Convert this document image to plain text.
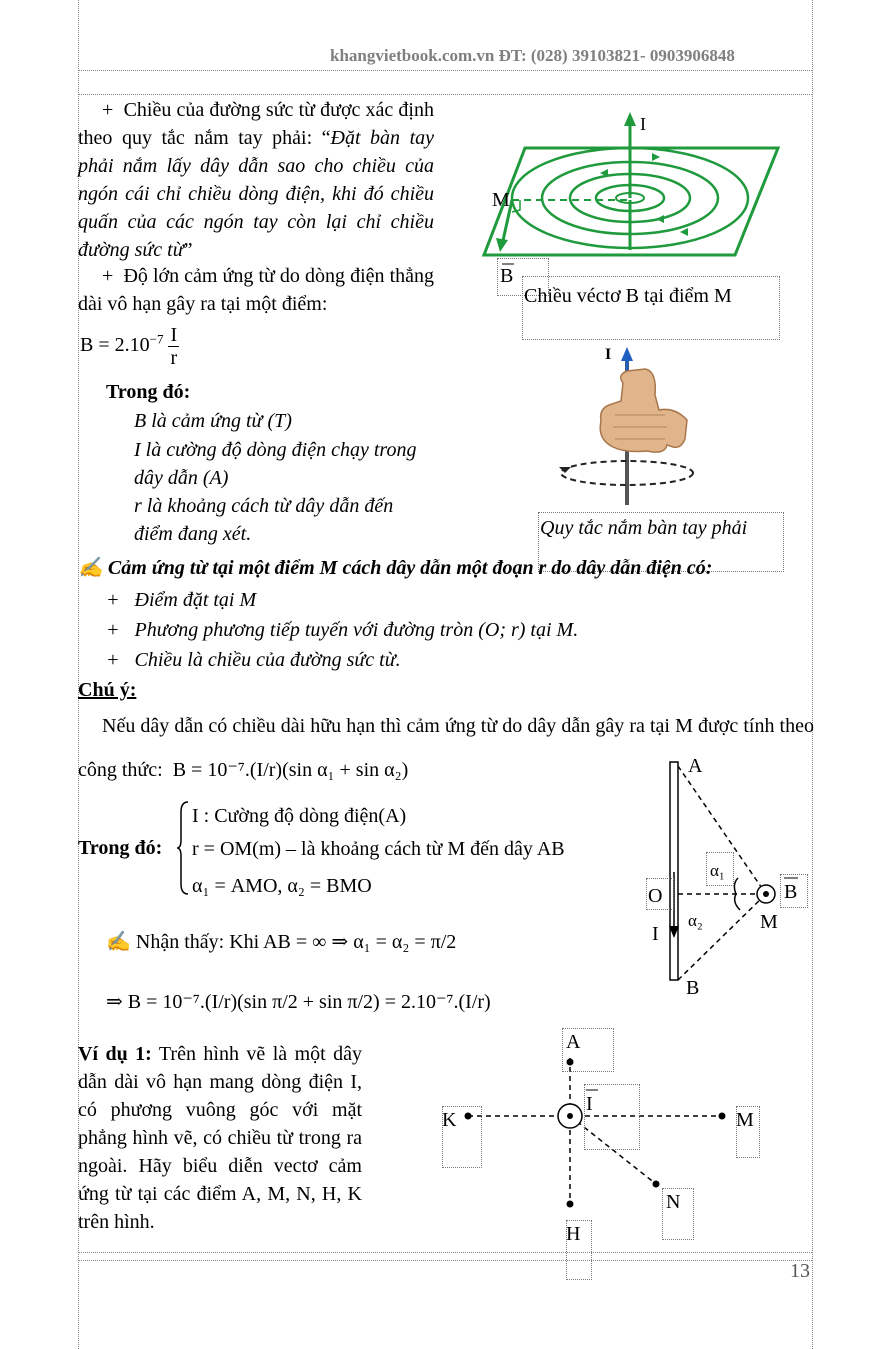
khangvietbook.com.vn ĐT: (028) 39103821- 0903906848
+  Chiều của đường sức từ được xác định theo quy tắc nắm tay phải: “Đặt bàn tay phải nắm lấy dây dẫn sao cho chiều của ngón cái chỉ chiều dòng điện, khi đó chiều quấn của các ngón tay còn lại chỉ chiều đường sức từ”
+  Độ lớn cảm ứng từ do dòng điện thẳng dài vô hạn gây ra tại một điểm:
$B = 2.10^{-7} \frac{I}{r}$
Trong đó:
B là cảm ứng từ (T)
I là cường độ dòng điện chạy trong dây dẫn (A)
r là khoảng cách từ dây dẫn đến điểm đang xét.
I
M
B
Chiều véctơ B tại điểm M
I
Quy tắc nắm bàn tay phải
✍ Cảm ứng từ tại một điểm M cách dây dẫn một đoạn r do dây dẫn điện có:
+   Điểm đặt tại M
+   Phương phương tiếp tuyến với đường tròn (O; r) tại M.
+   Chiều là chiều của đường sức từ.
Chú ý:
Nếu dây dẫn có chiều dài hữu hạn thì cảm ứng từ do dây dẫn gây ra tại M được tính theo công thức: B = 10⁻⁷.(I/r)(sin α₁ + sin α₂)
Trong đó:
I : Cường độ dòng điện(A)
r = OM(m) – là khoảng cách từ M đến dây AB
α₁ = AMO, α₂ = BMO
✍ Nhận thấy: Khi AB = ∞ ⇒ α₁ = α₂ = π/2
⇒ B = 10⁻⁷.(I/r)(sin π/2 + sin π/2) = 2.10⁻⁷.(I/r)
A
B
O
I
M
B
α₁
α₂
Ví dụ 1: Trên hình vẽ là một dây dẫn dài vô hạn mang dòng điện I, có phương vuông góc với mặt phẳng hình vẽ, có chiều từ trong ra ngoài. Hãy biểu diễn vectơ cảm ứng từ tại các điểm A, M, N, H, K trên hình.
A
K
I
M
N
H
13
